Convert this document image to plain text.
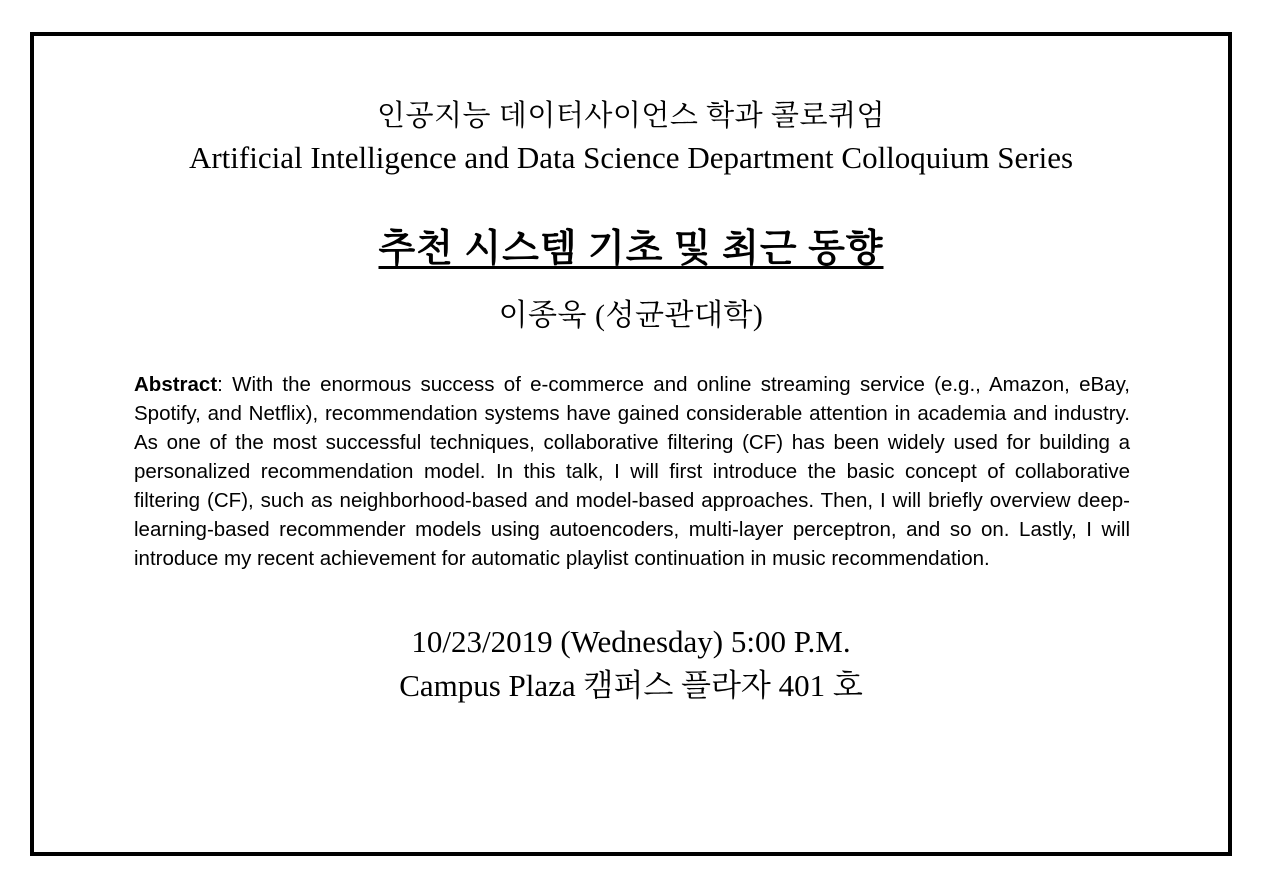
인공지능 데이터사이언스 학과 콜로퀴엄
Artificial Intelligence and Data Science Department Colloquium Series
추천 시스템 기초 및 최근 동향
이종욱 (성균관대학)
Abstract: With the enormous success of e-commerce and online streaming service (e.g., Amazon, eBay, Spotify, and Netflix), recommendation systems have gained considerable attention in academia and industry. As one of the most successful techniques, collaborative filtering (CF) has been widely used for building a personalized recommendation model. In this talk, I will first introduce the basic concept of collaborative filtering (CF), such as neighborhood-based and model-based approaches. Then, I will briefly overview deep-learning-based recommender models using autoencoders, multi-layer perceptron, and so on. Lastly, I will introduce my recent achievement for automatic playlist continuation in music recommendation.
10/23/2019 (Wednesday) 5:00 P.M.
Campus Plaza 캠퍼스 플라자 401 호
